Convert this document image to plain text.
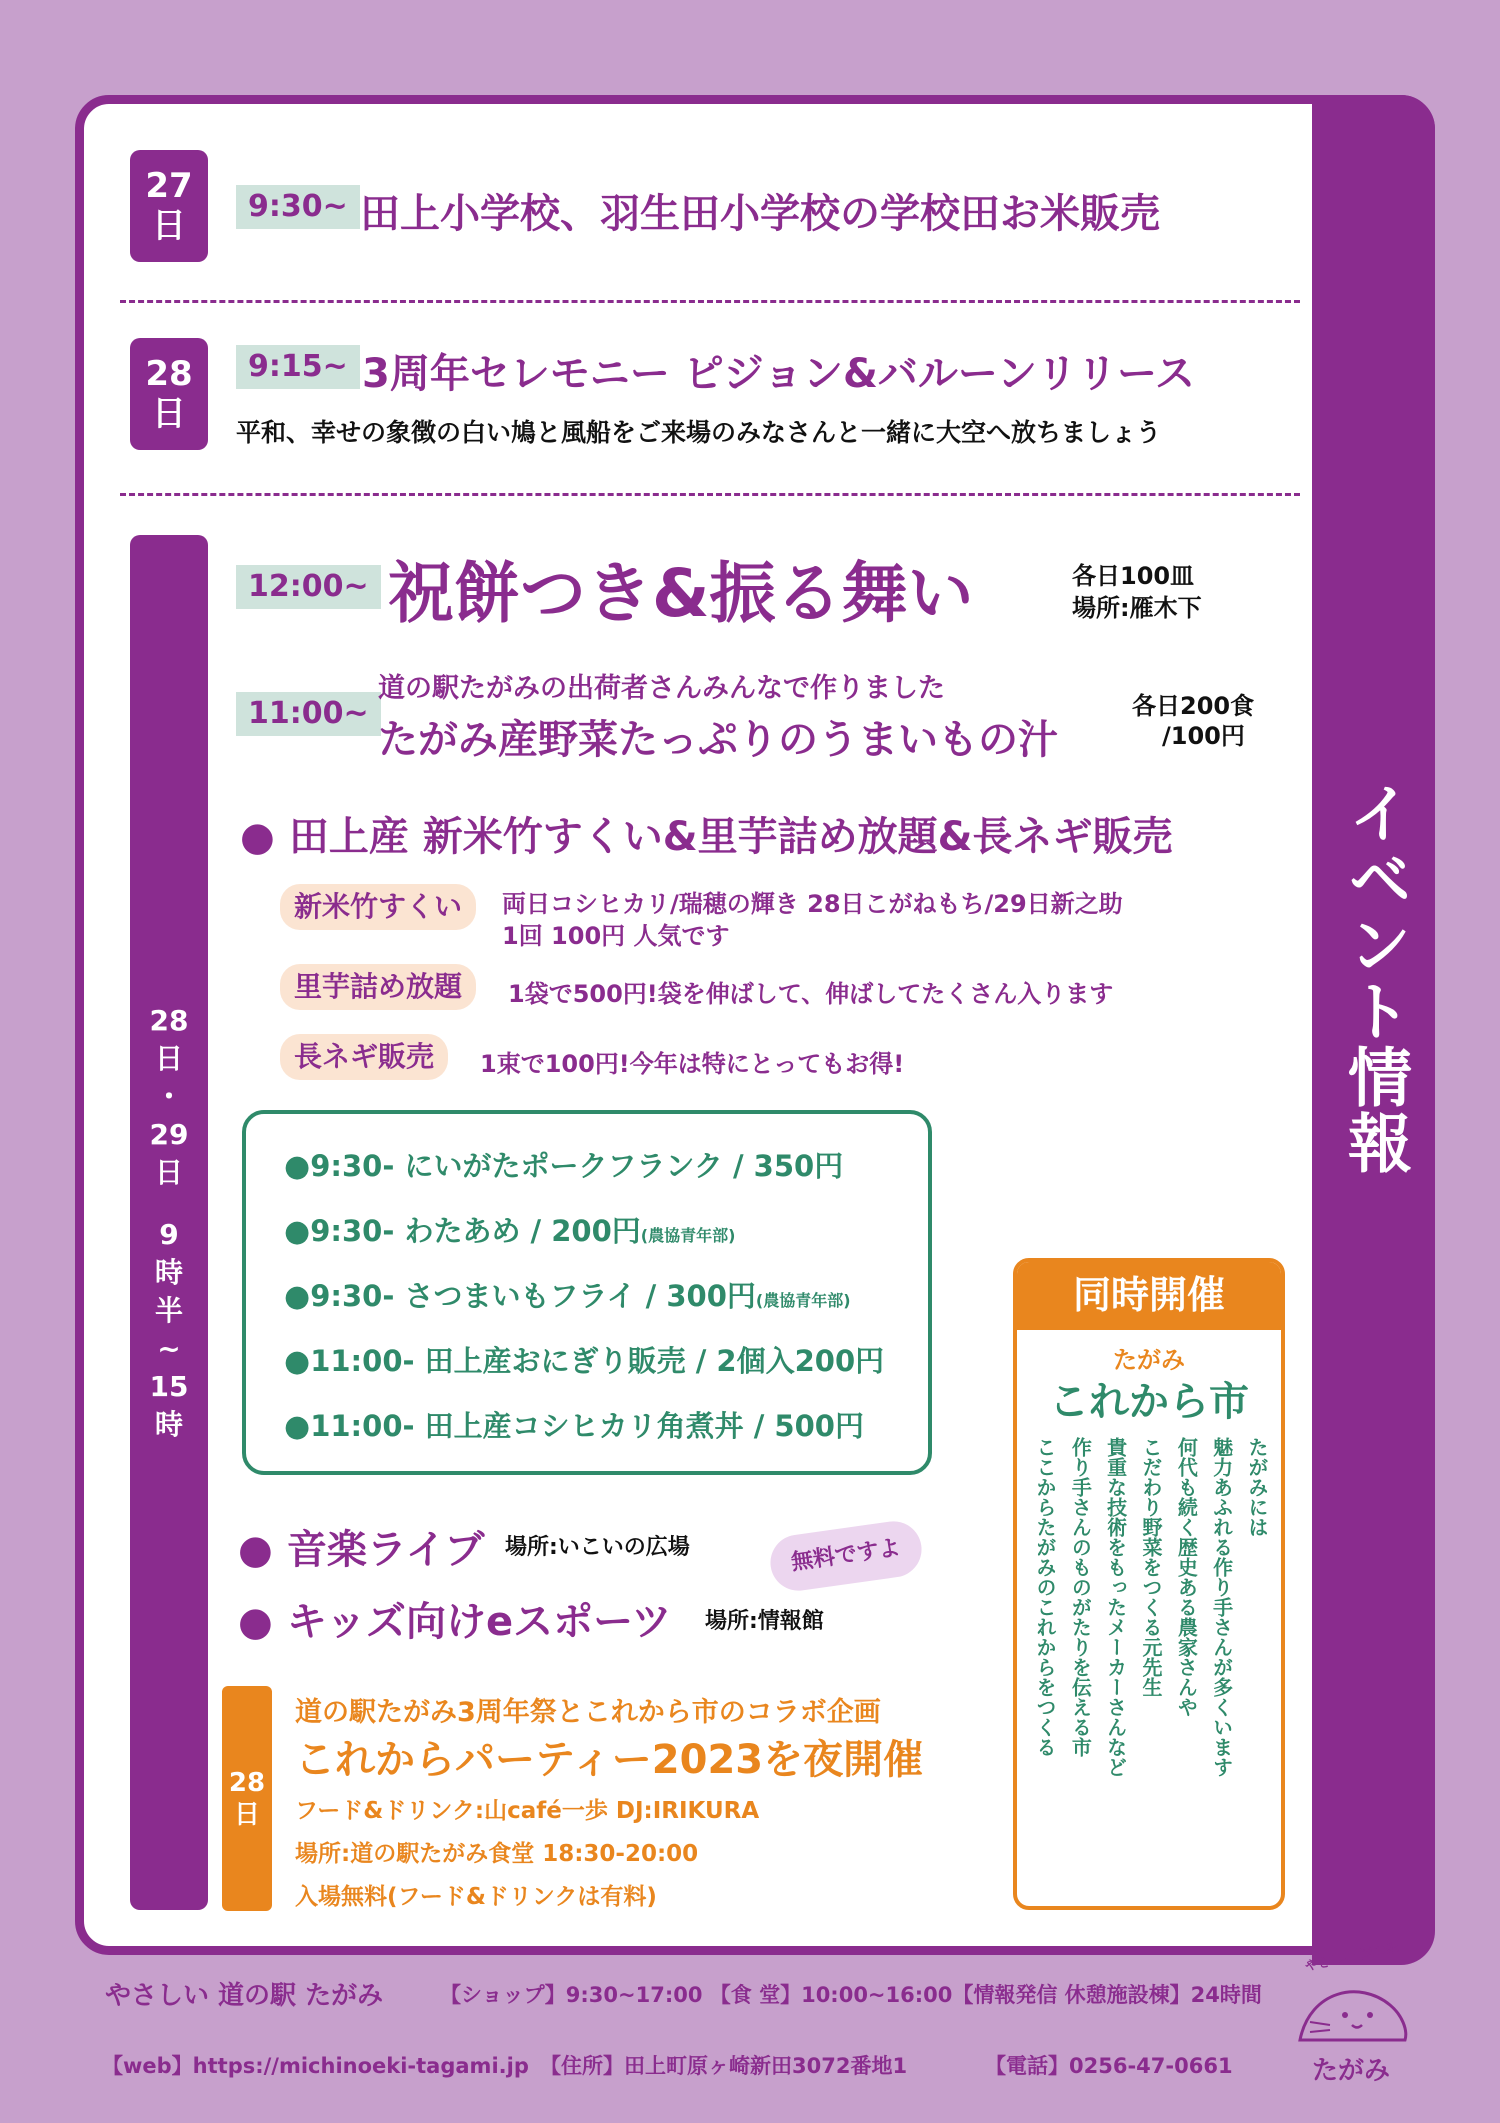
イベント情報
27
日	9:30~ 田上小学校、羽生田小学校の学校田お米販売
28
日
9:15~ 3周年セレモニー ピジョン&バルーンリリース
平和、幸せの象徴の白い鳩と風船をご来場のみなさんと一緒に大空へ放ちましょう
28
日
・
29
日
9
時
半
~
15
時
12:00~ 祝餅つき&振る舞い	各日100皿
場所:雁木下
11:00~
道の駅たがみの出荷者さんみんなで作りました
たがみ産野菜たっぷりのうまいもの汁
各日200食
/100円
● 田上産 新米竹すくい&里芋詰め放題&長ネギ販売
新米竹すくい	両日コシヒカリ/瑞穂の輝き 28日こがねもち/29日新之助
1回 100円 人気です
里芋詰め放題	1袋で500円!袋を伸ばして、伸ばしてたくさん入ります
長ネギ販売	1束で100円!今年は特にとってもお得!
●9:30- にいがたポークフランク / 350円
●9:30- わたあめ / 200円(農協青年部)
●9:30- さつまいもフライ / 300円(農協青年部)
●11:00- 田上産おにぎり販売 / 2個入200円
●11:00- 田上産コシヒカリ角煮丼 / 500円
● 音楽ライブ 場所:いこいの広場	無料ですよ
● キッズ向けeスポーツ 場所:情報館
28
日
道の駅たがみ3周年祭とこれから市のコラボ企画
これからパーティー2023を夜開催
フード&ドリンク:山café一歩 DJ:IRIKURA
場所:道の駅たがみ食堂 18:30-20:00
入場無料(フード&ドリンクは有料)
同時開催
たがみ
これから市
たがみには
魅力あふれる作り手さんが多くいます
何代も続く歴史ある農家さんや
こだわり野菜をつくる元先生
貴重な技術をもったメーカーさんなど
作り手さんのものがたりを伝える市
ここからたがみのこれからをつくる
やさしい 道の駅 たがみ	【ショップ】9:30~17:00 【食 堂】10:00~16:00【情報発信 休憩施設棟】24時間
【web】https://michinoeki-tagami.jp 【住所】田上町原ヶ崎新田3072番地1	【電話】0256-47-0661
やさしい 道の駅
たがみ
